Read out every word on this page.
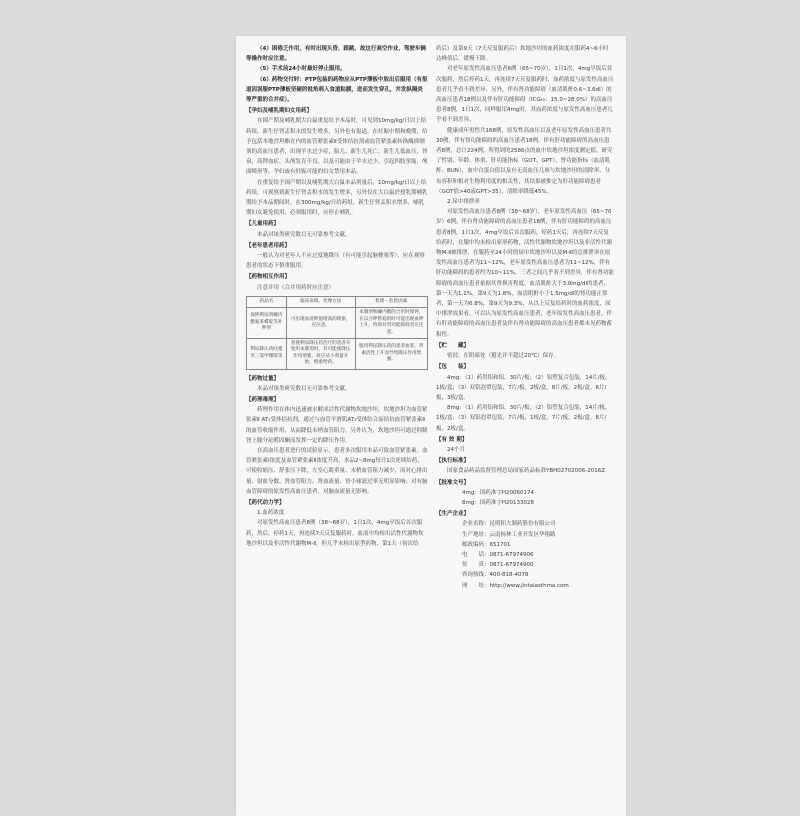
（4）困倦乏作用，有时出现头昏、跟跳、故这行高空作业，驾驶车辆等操作时应注意。

（5）手术前24小时最好停止服用。

（6）药物交付时：PTP包装的药物应从PTP薄板中取出后服用（有报道因误服PTP薄板坚硬的锐角刺入食道粘膜，进而发生穿孔，并发纵隔炎等严重的合并症）。

【孕妇及哺乳期妇女用药】

在围产期及哺乳期大白鼠重复给予本品时，可见到10mg/kg/日以上给药组，新生仔肾盂积水的发生增多，另外也有报道，在妊娠中期和晚期，给予包括本地沙坦酯在内的血管紧张素Ⅱ受体拮抗剂或血管紧张素转换酶抑制剂的高血压患者，出现羊水过少症，胎儿、新生儿死亡，新生儿低血压，肾衰，高钾血症，头颅发育不良，以及可能由于羊水过少，引起四肢挛缩，颅面畸形等，孕妇或有妊娠可能的妇女禁用本品。

在重复给予围产期以及哺乳期大白鼠本品剂量后，10mg/kg/日以上给药组，可观察到新生仔肾盂积水的发生增多，另外仅在大白鼠於授乳期哺乳期给予本品期间时，在300mg/kg/日给药组，新生仔肾盂积水增多，哺乳期妇女避免使用，必须服用时，应停止哺乳。

【儿童用药】

本品对该类研究数目无可靠参考文献。

【老年患者用药】

一般认为对老年人不应过度地降压（有可能引起脑梗塞等），应在观察患者的状态下慎重服用。

【药物相互作用】

注意并用（合并用药时应注意）

药品名	临床表现、处理方法	机理・危险因素
保钾利尿剂螺内酯氨苯蝶啶等补钾剂	可出现血清钾值增高的现象，应注意。	本制剂和螺内酯的合用时保钾，在以合钾暂稳的时可能出现血钾上升，特别对肾功能障碍者应注意。
利尿降压药呋塞米三氯甲噻嗪等	曾使利尿降压药治疗的患者开始用本制剂时，有可能使降压作用增强，故应从小剂量开始，慎重给药。	服用利尿降压药的患者血浆，肾素活性上升而导致降压作用增强。

【药物过量】

本品对该类研究数目无可靠参考文献。

【药理毒理】

药理作用在体内迅速被水解成活性代谢物坎地沙坦，坎地沙坦为血管紧张素Ⅱ AT₁受体拮抗剂，通过与血管平滑肌AT₁受体结合而拮抗血管紧张素Ⅱ的血管收缩作用，从而降低末梢血管阻力，另外认为，坎地沙坦可通过抑制肾上腺分泌醛固酮而发挥一定的降压作用。

在高血压患者进行的试验显示，患者多次服用本品可致血管紧张素，血管紧张素Ⅰ浓度及血管紧张素Ⅱ浓度升高，本品2~8mg每日1次连续给药，可使收缩压、舒张压下降，左室心肌重量、末梢血管阻力减少，而对心排出量、射血分数、肾血管阻力、肾血流量、肾小球滤过率无明显影响；对有脑血管障碍的原发性高血压患者，对脑血流量无影响。

【药代动力学】

1.血药浓度

对原发性高血压患者8例（38~68岁），1日1次，4mg早饭后首次服药，然后，停药1天，再连续7天反复服药时，血液中均检出活性代谢物坎地沙坦以及非活性代谢物M-Ⅱ，但几乎未检出原型药物，第1天（初次给

药后）及第9天（7天反复服药后）坎地沙坦的血药浓度在服药4~6小时达峰值后，缓慢下降。

对老年原发性高血压患者6例（65~70岁），1日1次，4mg早饭后首次服药，然后停药1天，再连续7天反复服药时，血药浓度与原发性高血压患者几乎看不到差异，另外，伴有肾功能障碍（血清肌酐0.6~3.6dl）的高血压患者18例以及伴有肝功能障碍（ICG₁₅：15.0~28.0%）的高血压患者8例，1日1次，同样服用4mg时，其血药浓度与原发性高血压患者几乎看不到差异。

健康成年男性共168例，原发性高血压以及老年原发性高血压患者共30例，伴有肾功能障碍的高血压患者18例，伴有肝功能障碍的高血压患者8例，总计224例，所得到的2586点的血中坎地沙坦浓度测定值，研究了性别、年龄、体重、肝功能指标（GOT、GPT）、肾功能指标（血清肌酐、BUN）、血中白蛋白值以及有无高血压几项与坎地沙坦的清除率、分布容积和相对生物利用度的相关性，其结果被推定为肝功能障碍患者（GOT值>40或GPT>35），清除率降低45%。

2.尿中排泄率

对原发性高血压患者8例（38~68岁），老年原发性高血压（65~70岁）6例，伴有肾功能障碍的高血压患者18例，伴有肝功能障碍的高血压患者8例，1日1次，4mg早饭后首次服药，停药1天后，再连续7天反复给药时，在服中均未检出原形药物，活性代谢物坎地沙坦以及非活性代谢物M-Ⅱ被排泄，在服药至24小时的尿中坎地沙坦以及M-Ⅱ的总排泄率在原发性高血压患者为11~12%，老年原发性高血压患者为11~12%，伴有肝功能障碍的患者约为10~11%，三者之间几乎看不到差异，伴有肾功能障碍的高血压患者依据其肾损害程度，血清肌酐大于3.0mg/dl的患者，第一天为1.1%，第9天为1.8%，血清肌酐小于1.5mg/dl的肾功能正常者，第一天为6.8%，第9天为9.3%，从以上反复给药时的血药浓度、尿中排泄效果看，可以认为原发性高血压患者，老年原发性高血压患者，伴有肝功能障碍的高血压患者及伴有肾功能障碍的高血压患者都未见药物蓄积性。

【贮　　藏】

密封，在阴暗处（避光并不超过20℃）保存。

【包　　装】

4mg：（1）药用铝和铝，30片/板；（2）铝塑复合包装，14片/板，1板/盒；（3）双铝泡罩包装，7片/板，2板/盒，8片/板，2板/盒，6片/板，3板/盒。

8mg：（1）药用铝和铝，30片/板；（2）铝塑复合包装，14片/板，1板/盒；（3）双铝泡罩包装，7片/板，1板/盒，7片/板，2板/盒，8片/板，2板/盒。

【有 效 期】

24个月

【执行标准】

国家食品药品监督管理总局国家药品标准YBH02702006-2016Z

【批准文号】

4mg：国药准字H20060174

8mg：国药准字H20133028

【生产企业】

企业名称：昆明积大制药股份有限公司

生产地址：云南杨林工业开发区华翔路

邮政编码：651701

电　　话：0871-67974906

传　　真：0871-67974900

咨询热线：400-818-4078

网　　址：http://www.jintaiasthma.com
